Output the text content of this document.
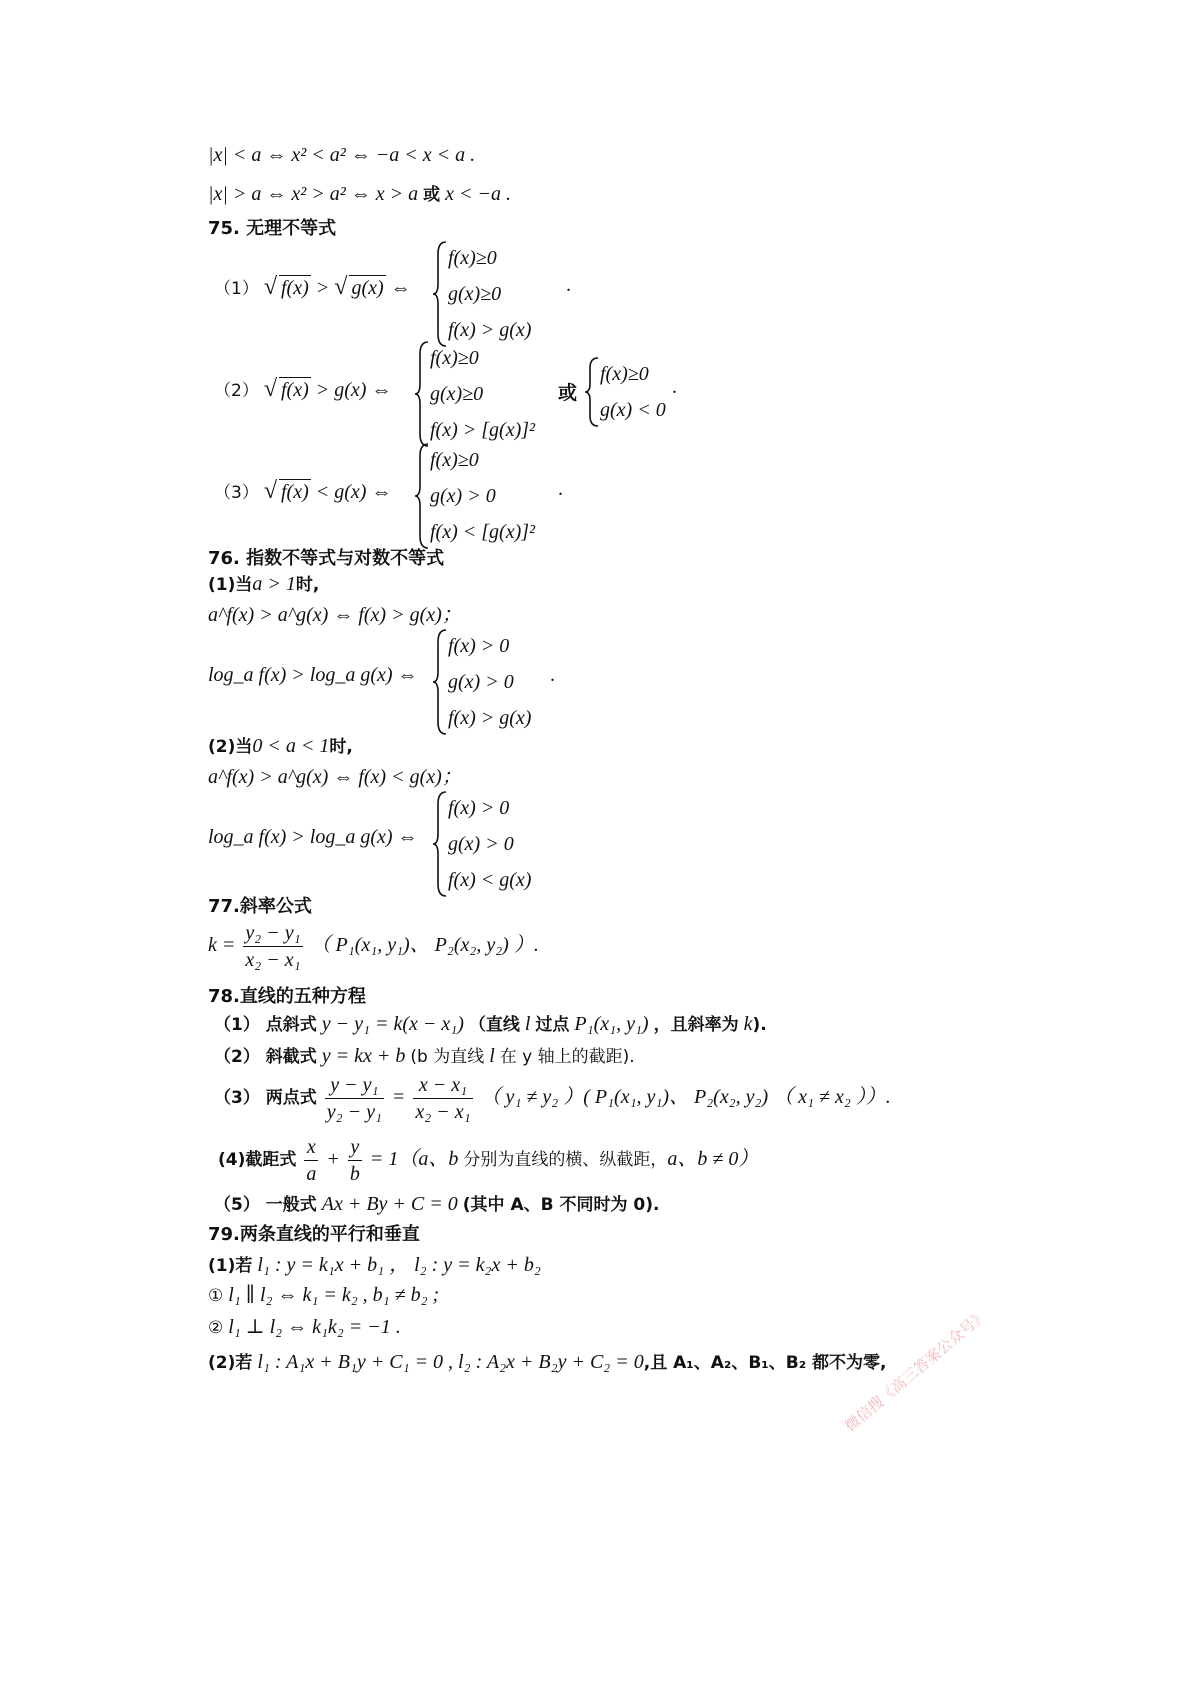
|x| < a ⇔ x² < a² ⇔ −a < x < a .
|x| > a ⇔ x² > a² ⇔ x > a 或 x < −a .
75. 无理不等式
（1） √ f(x) > √ g(x) ⇔
f(x)≥0
g(x)≥0
f(x) > g(x)
.
（2） √ f(x) > g(x) ⇔
f(x)≥0
g(x)≥0
f(x) > [g(x)]²
或
f(x)≥0
g(x) < 0
.
（3） √ f(x) < g(x) ⇔
f(x)≥0
g(x) > 0
f(x) < [g(x)]²
.
76. 指数不等式与对数不等式
(1)当a > 1时,
a^f(x) > a^g(x) ⇔ f(x) > g(x)；
log_a f(x) > log_a g(x) ⇔
f(x) > 0
g(x) > 0
f(x) > g(x)
.
(2)当0 < a < 1时,
a^f(x) > a^g(x) ⇔ f(x) < g(x)；
log_a f(x) > log_a g(x) ⇔
f(x) > 0
g(x) > 0
f(x) < g(x)
77.斜率公式
$k = \frac{\text{y₂ − y₁}}{\text{x₂ − x₁}}$ （ P₁(x₁, y₁)、 P₂(x₂, y₂) ）.
78.直线的五种方程
（1） 点斜式 y − y₁ = k(x − x₁) （直线 l 过点 P₁(x₁, y₁) ，且斜率为 k).
（2） 斜截式 y = kx + b (b 为直线 l 在 y 轴上的截距).
（3） 两点式 $\frac{\text{y − y₁}}{\text{y₂ − y₁}} = \frac{\text{x − x₁}}{\text{x₂ − x₁}}$ （ y₁ ≠ y₂ ）( P₁(x₁, y₁)、 P₂(x₂, y₂) （ x₁ ≠ x₂ ））.
(4)截距式 $\frac{x}{a} + \frac{y}{b} = 1(a$、b 分别为直线的横、纵截距，a、b ≠ 0）
（5） 一般式 Ax + By + C = 0 (其中 A、B 不同时为 0).
79.两条直线的平行和垂直
(1)若 l₁ : y = k₁x + b₁ ， l₂ : y = k₂x + b₂
① l₁ ∥ l₂ ⇔ k₁ = k₂ , b₁ ≠ b₂ ;
② l₁ ⊥ l₂ ⇔ k₁k₂ = −1 .
(2)若 l₁ : A₁x + B₁y + C₁ = 0 , l₂ : A₂x + B₂y + C₂ = 0,且 A₁、A₂、B₁、B₂ 都不为零,
微信搜《高三答案公众号》
